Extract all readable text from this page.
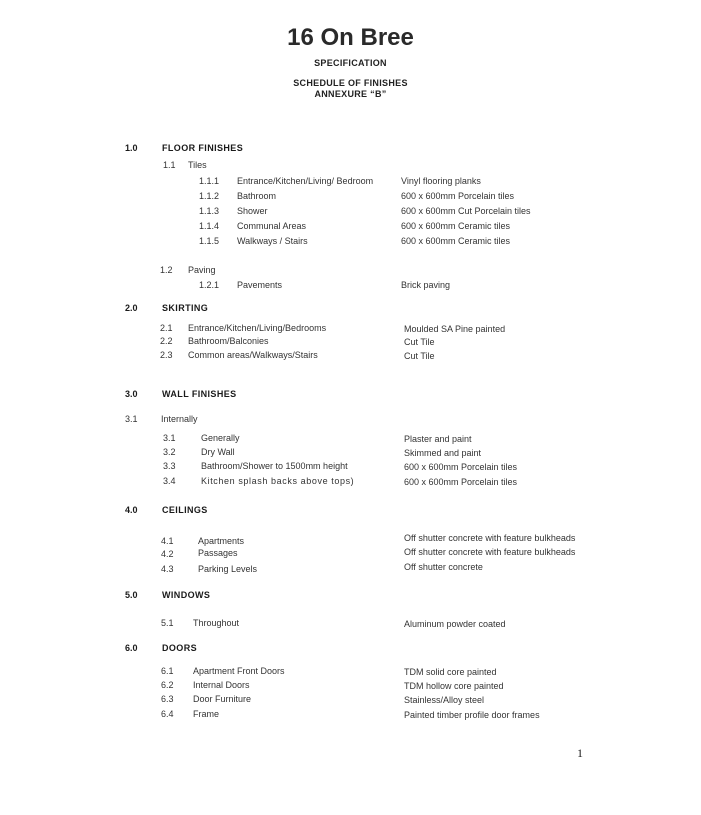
16 On Bree
SPECIFICATION
SCHEDULE OF FINISHES
ANNEXURE “B”
1.0	FLOOR FINISHES
1.1 Tiles
1.1.1 Entrance/Kitchen/Living/ Bedroom	Vinyl flooring planks
1.1.2 Bathroom	600 x 600mm Porcelain tiles
1.1.3 Shower	600 x 600mm Cut Porcelain tiles
1.1.4 Communal Areas	600 x 600mm Ceramic tiles
1.1.5 Walkways / Stairs	600 x 600mm Ceramic tiles
1.2 Paving
1.2.1 Pavements	Brick paving
2.0	SKIRTING
2.1 Entrance/Kitchen/Living/Bedrooms	Moulded SA Pine painted
2.2 Bathroom/Balconies	Cut Tile
2.3 Common areas/Walkways/Stairs	Cut Tile
3.0	WALL FINISHES
3.1	Internally
3.1	Generally	Plaster and paint
3.2	Dry Wall	Skimmed and paint
3.3	Bathroom/Shower to 1500mm height	600 x 600mm Porcelain tiles
3.4	Kitchen splash backs above tops)	600 x 600mm Porcelain tiles
4.0	CEILINGS
4.1	Apartments	Off shutter concrete with feature bulkheads
4.2	Passages	Off shutter concrete with feature bulkheads
4.3	Parking Levels	Off shutter concrete
5.0	WINDOWS
5.1 Throughout	Aluminum powder coated
6.0	DOORS
6.1 Apartment Front Doors	TDM solid core painted
6.2 Internal Doors	TDM hollow core painted
6.3 Door Furniture	Stainless/Alloy steel
6.4 Frame	Painted timber profile door frames
1
